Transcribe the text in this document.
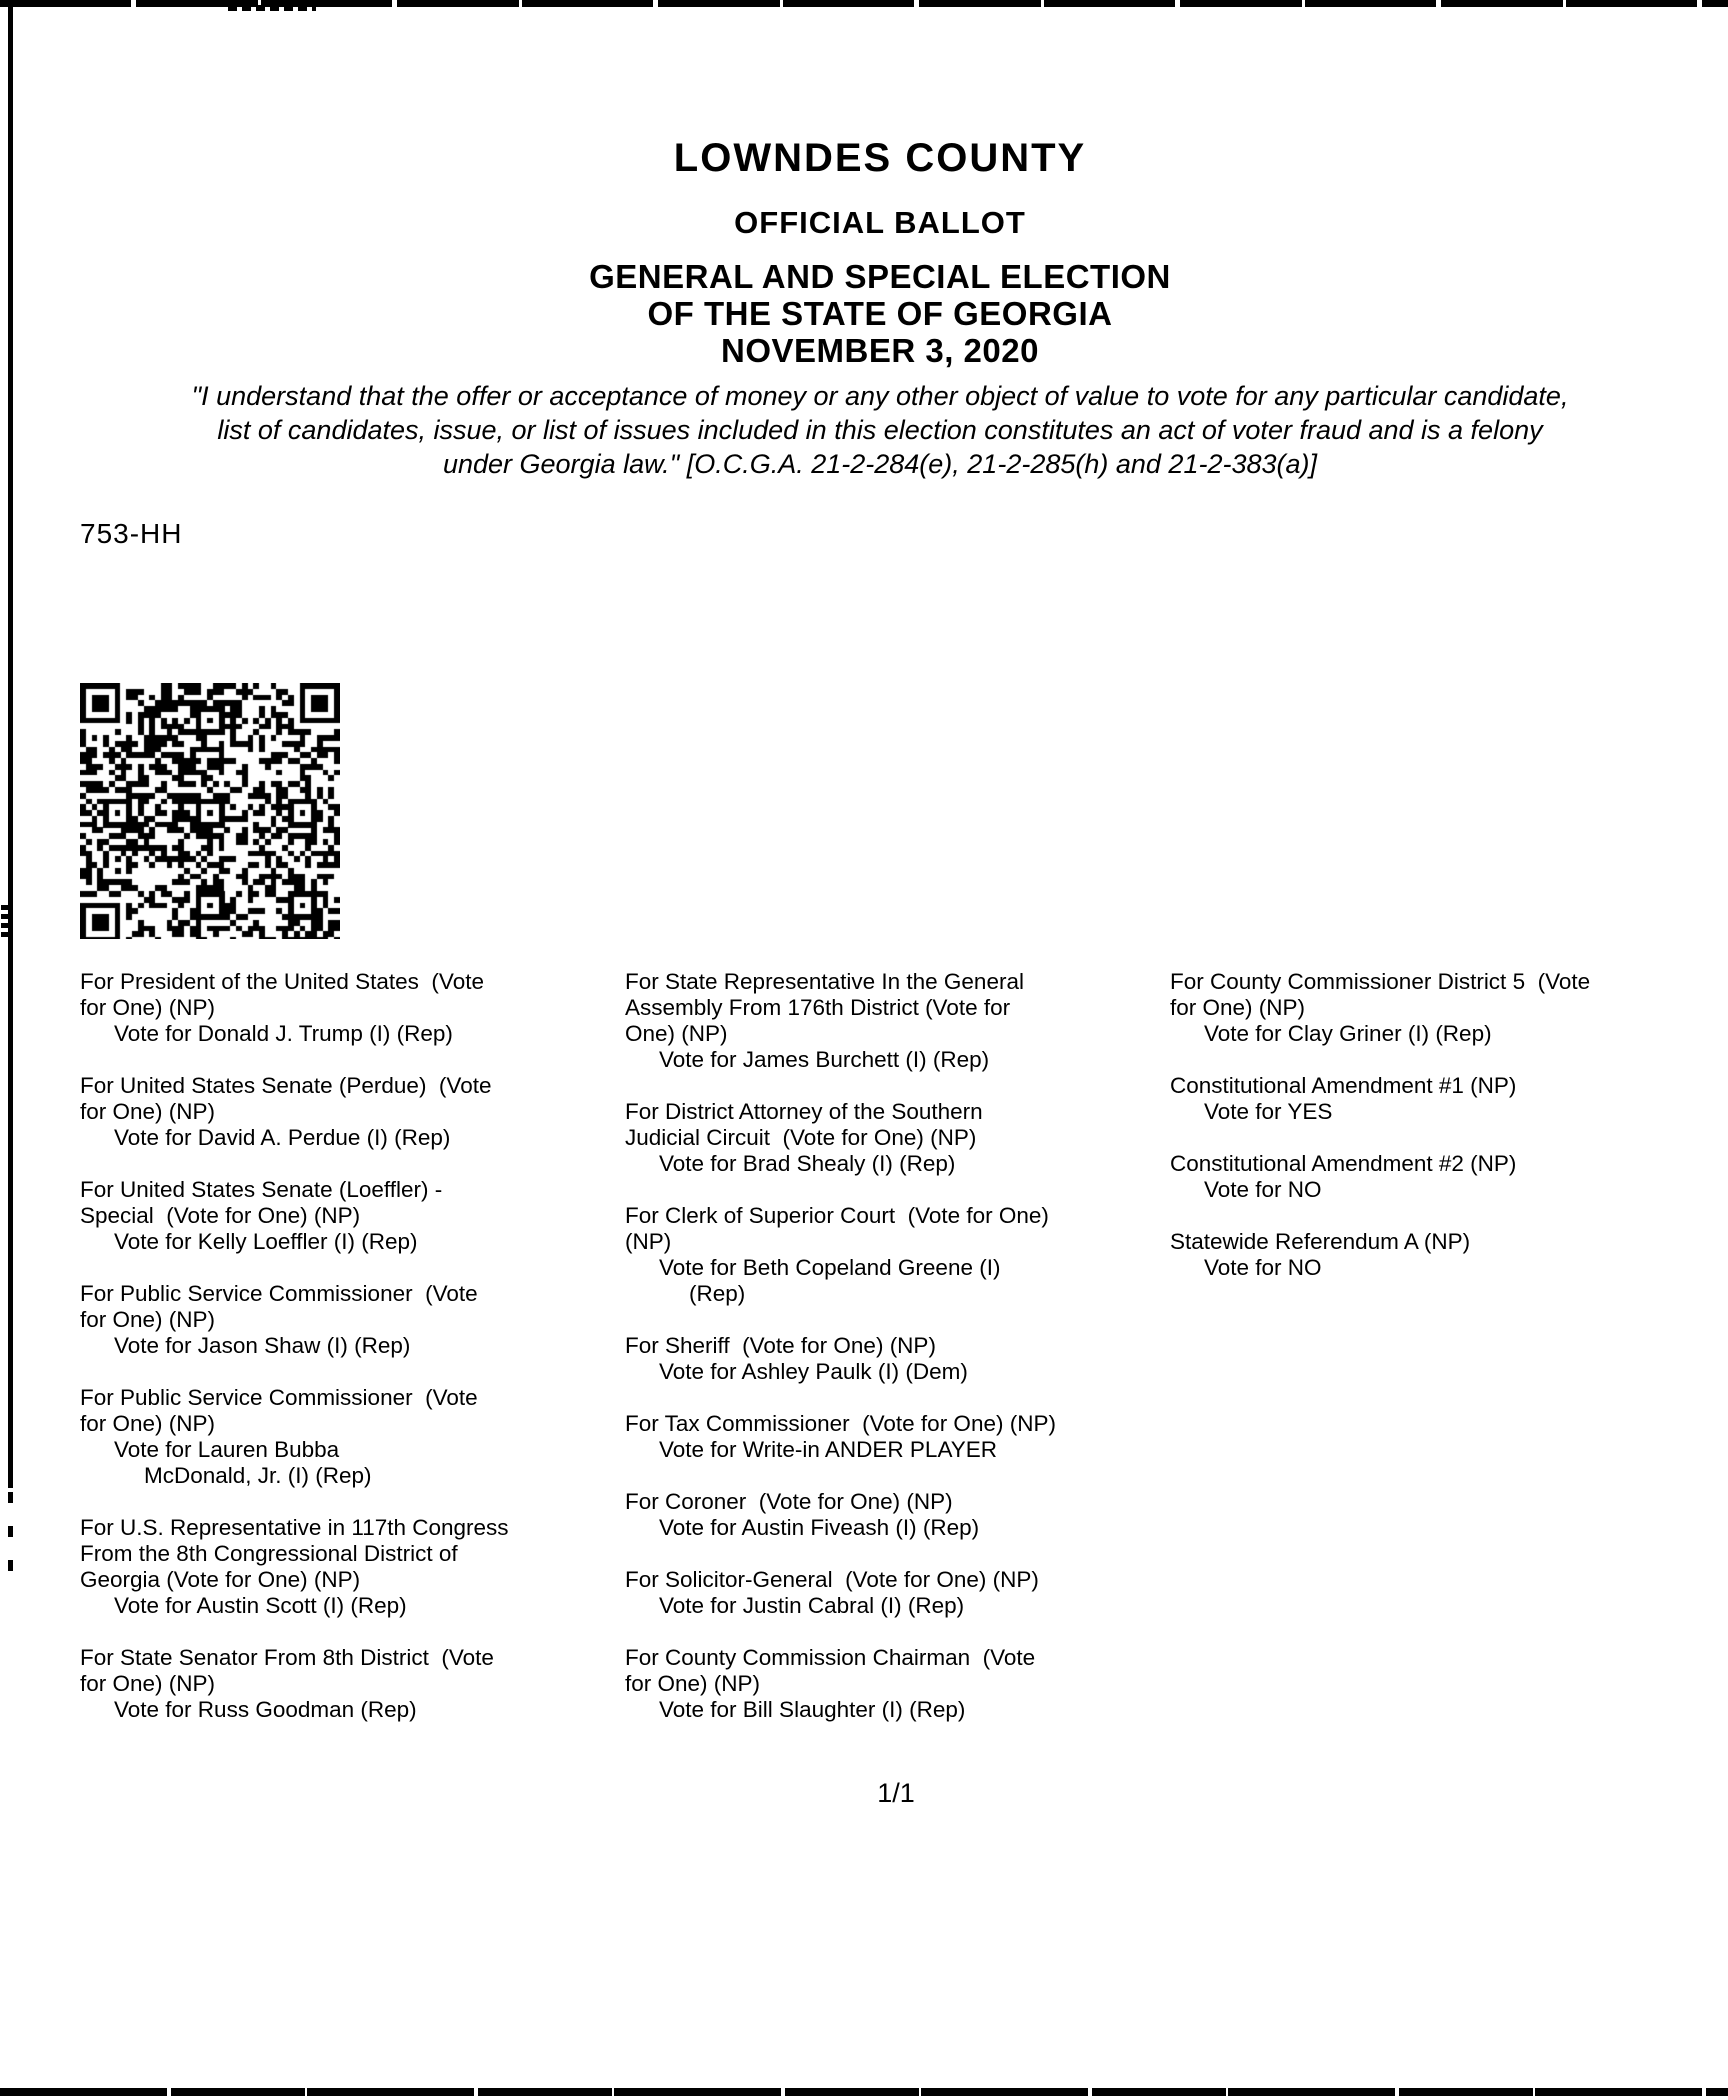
LOWNDES COUNTY
OFFICIAL BALLOT
GENERAL AND SPECIAL ELECTION
OF THE STATE OF GEORGIA
NOVEMBER 3, 2020
"I understand that the offer or acceptance of money or any other object of value to vote for any particular candidate,
list of candidates, issue, or list of issues included in this election constitutes an act of voter fraud and is a felony
under Georgia law." [O.C.G.A. 21-2-284(e), 21-2-285(h) and 21-2-383(a)]
753-HH
For President of the United States  (Vote
for One) (NP)
Vote for Donald J. Trump (I) (Rep)
For United States Senate (Perdue)  (Vote
for One) (NP)
Vote for David A. Perdue (I) (Rep)
For United States Senate (Loeffler) -
Special  (Vote for One) (NP)
Vote for Kelly Loeffler (I) (Rep)
For Public Service Commissioner  (Vote
for One) (NP)
Vote for Jason Shaw (I) (Rep)
For Public Service Commissioner  (Vote
for One) (NP)
Vote for Lauren Bubba
McDonald, Jr. (I) (Rep)
For U.S. Representative in 117th Congress
From the 8th Congressional District of
Georgia (Vote for One) (NP)
Vote for Austin Scott (I) (Rep)
For State Senator From 8th District  (Vote
for One) (NP)
Vote for Russ Goodman (Rep)
For State Representative In the General
Assembly From 176th District (Vote for
One) (NP)
Vote for James Burchett (I) (Rep)
For District Attorney of the Southern
Judicial Circuit  (Vote for One) (NP)
Vote for Brad Shealy (I) (Rep)
For Clerk of Superior Court  (Vote for One)
(NP)
Vote for Beth Copeland Greene (I)
(Rep)
For Sheriff  (Vote for One) (NP)
Vote for Ashley Paulk (I) (Dem)
For Tax Commissioner  (Vote for One) (NP)
Vote for Write-in ANDER PLAYER
For Coroner  (Vote for One) (NP)
Vote for Austin Fiveash (I) (Rep)
For Solicitor-General  (Vote for One) (NP)
Vote for Justin Cabral (I) (Rep)
For County Commission Chairman  (Vote
for One) (NP)
Vote for Bill Slaughter (I) (Rep)
For County Commissioner District 5  (Vote
for One) (NP)
Vote for Clay Griner (I) (Rep)
Constitutional Amendment #1 (NP)
Vote for YES
Constitutional Amendment #2 (NP)
Vote for NO
Statewide Referendum A (NP)
Vote for NO
1/1
